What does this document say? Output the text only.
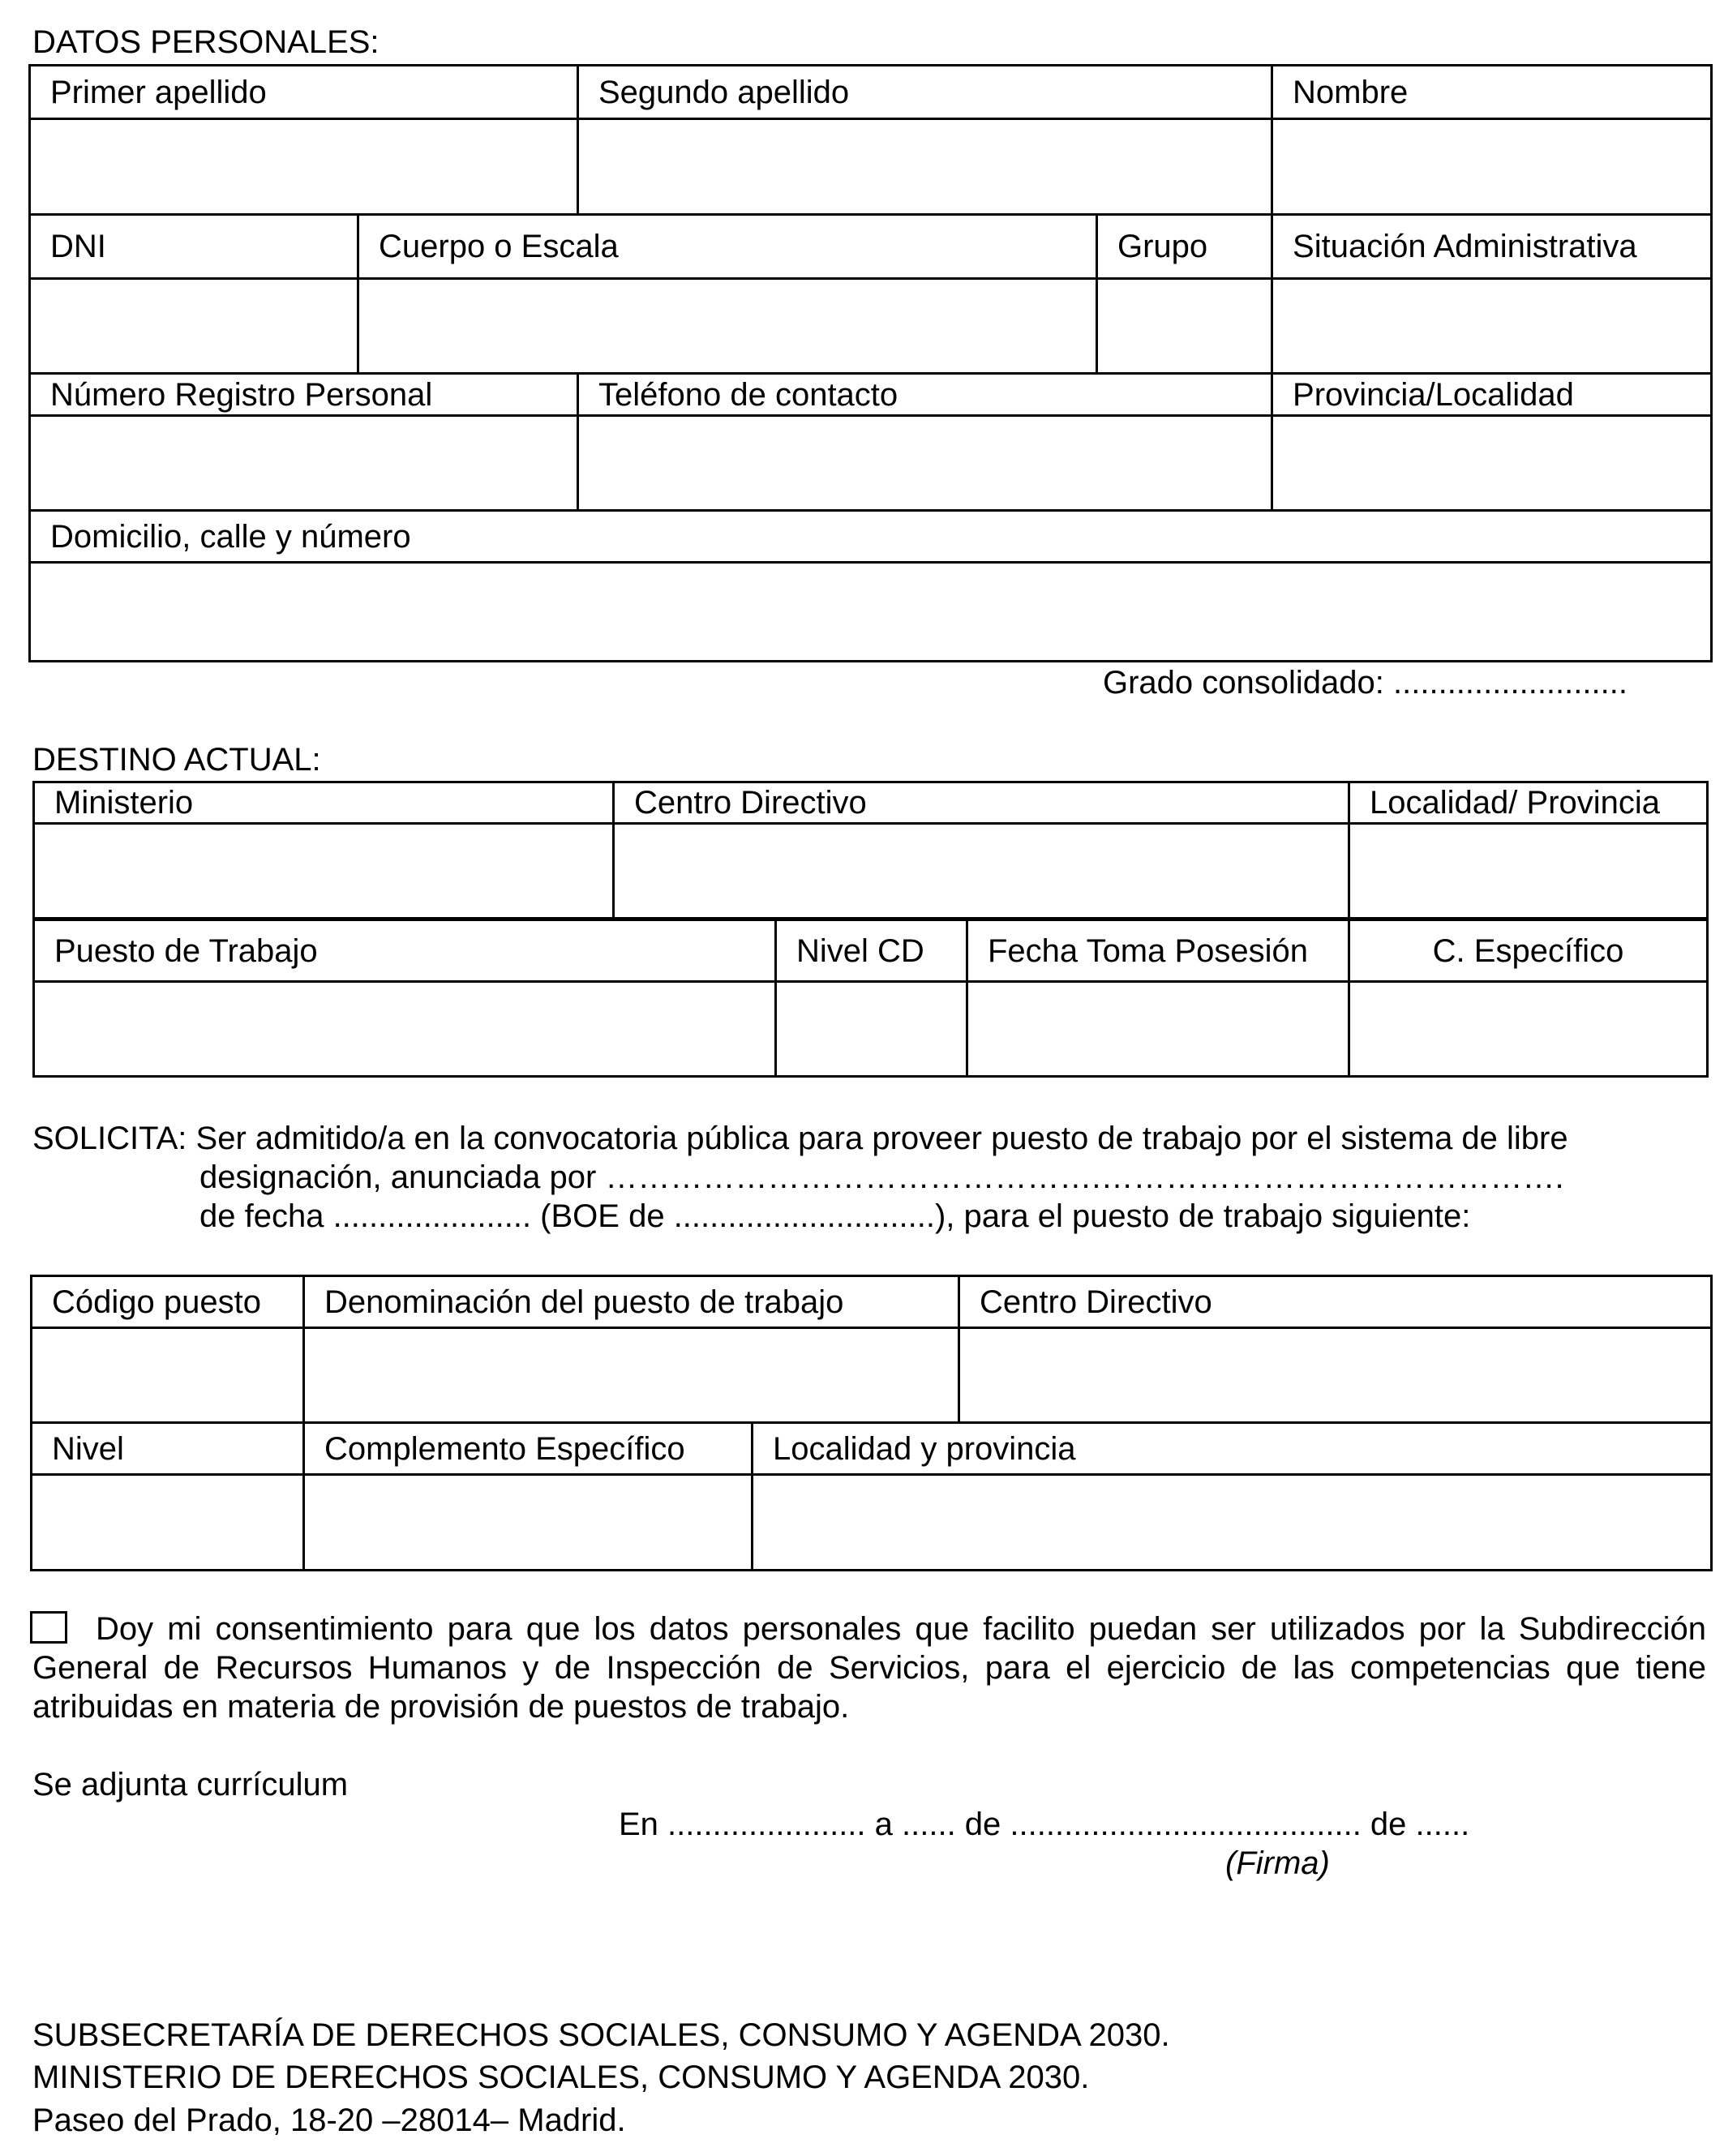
DATOS PERSONALES:
Primer apellido		Segundo apellido		Nombre

DNI	Cuerpo o Escala		Grupo	Situación Administrativa

Número Registro Personal		Teléfono de contacto		Provincia/Localidad

Domicilio, calle y número				

Grado consolidado: ..........................
DESTINO ACTUAL:
Ministerio	Centro Directivo	Localidad/ Provincia

Puesto de Trabajo	Nivel CD	Fecha Toma Posesión	C. Específico

SOLICITA: Ser admitido/a en la convocatoria pública para proveer puesto de trabajo por el sistema de libre
designación, anunciada por ……………………………………….…………………………………….
de fecha ...................... (BOE de .............................), para el puesto de trabajo siguiente:
Código puesto	Denominación del puesto de trabajo	Centro Directivo

Nivel	Complemento Específico	Localidad y provincia

Doy mi consentimiento para que los datos personales que facilito puedan ser utilizados por la Subdirección General de Recursos Humanos y de Inspección de Servicios, para el ejercicio de las competencias que tiene atribuidas en materia de provisión de puestos de trabajo.
Se adjunta currículum
En ...................... a ...... de ....................................... de ......
(Firma)
SUBSECRETARÍA DE DERECHOS SOCIALES, CONSUMO Y AGENDA 2030.
MINISTERIO DE DERECHOS SOCIALES, CONSUMO Y AGENDA 2030.
Paseo del Prado, 18-20 –28014– Madrid.
